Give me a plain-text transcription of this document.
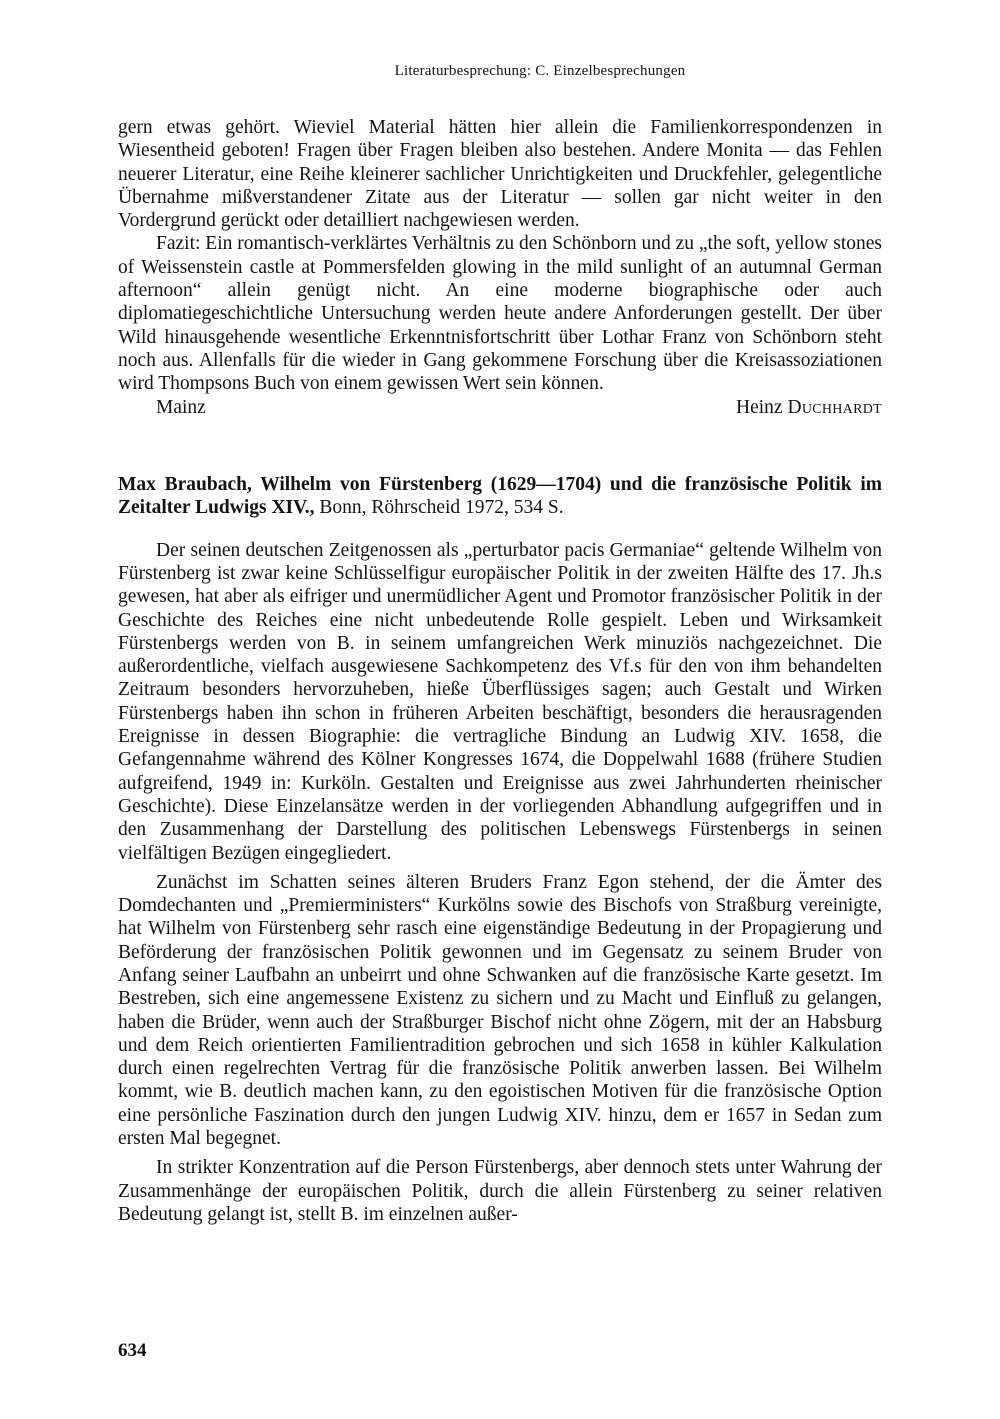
Literaturbesprechung: C. Einzelbesprechungen

gern etwas gehört. Wieviel Material hätten hier allein die Familienkorrespondenzen in Wiesentheid geboten! Fragen über Fragen bleiben also bestehen. Andere Monita — das Fehlen neuerer Literatur, eine Reihe kleinerer sachlicher Unrichtigkeiten und Druckfehler, gelegentliche Übernahme mißverstandener Zitate aus der Literatur — sollen gar nicht weiter in den Vordergrund gerückt oder detailliert nachgewiesen werden.

Fazit: Ein romantisch-verklärtes Verhältnis zu den Schönborn und zu „the soft, yellow stones of Weissenstein castle at Pommersfelden glowing in the mild sunlight of an autumnal German afternoon“ allein genügt nicht. An eine moderne biographische oder auch diplomatiegeschichtliche Untersuchung werden heute andere Anforderungen gestellt. Der über Wild hinausgehende wesentliche Erkenntnisfortschritt über Lothar Franz von Schönborn steht noch aus. Allenfalls für die wieder in Gang gekommene Forschung über die Kreisassoziationen wird Thompsons Buch von einem gewissen Wert sein können.

Mainz	Heinz Duchhardt

Max Braubach, Wilhelm von Fürstenberg (1629—1704) und die französische Politik im Zeitalter Ludwigs XIV., Bonn, Röhrscheid 1972, 534 S.

Der seinen deutschen Zeitgenossen als „perturbator pacis Germaniae“ geltende Wilhelm von Fürstenberg ist zwar keine Schlüsselfigur europäischer Politik in der zweiten Hälfte des 17. Jh.s gewesen, hat aber als eifriger und unermüdlicher Agent und Promotor französischer Politik in der Geschichte des Reiches eine nicht unbedeutende Rolle gespielt. Leben und Wirksamkeit Fürstenbergs werden von B. in seinem umfangreichen Werk minuziös nachgezeichnet. Die außerordentliche, vielfach ausgewiesene Sachkompetenz des Vf.s für den von ihm behandelten Zeitraum besonders hervorzuheben, hieße Überflüssiges sagen; auch Gestalt und Wirken Fürstenbergs haben ihn schon in früheren Arbeiten beschäftigt, besonders die herausragenden Ereignisse in dessen Biographie: die vertragliche Bindung an Ludwig XIV. 1658, die Gefangennahme während des Kölner Kongresses 1674, die Doppelwahl 1688 (frühere Studien aufgreifend, 1949 in: Kurköln. Gestalten und Ereignisse aus zwei Jahrhunderten rheinischer Geschichte). Diese Einzelansätze werden in der vorliegenden Abhandlung aufgegriffen und in den Zusammenhang der Darstellung des politischen Lebenswegs Fürstenbergs in seinen vielfältigen Bezügen eingegliedert.

Zunächst im Schatten seines älteren Bruders Franz Egon stehend, der die Ämter des Domdechanten und „Premierministers“ Kurkölns sowie des Bischofs von Straßburg vereinigte, hat Wilhelm von Fürstenberg sehr rasch eine eigenständige Bedeutung in der Propagierung und Beförderung der französischen Politik gewonnen und im Gegensatz zu seinem Bruder von Anfang seiner Laufbahn an unbeirrt und ohne Schwanken auf die französische Karte gesetzt. Im Bestreben, sich eine angemessene Existenz zu sichern und zu Macht und Einfluß zu gelangen, haben die Brüder, wenn auch der Straßburger Bischof nicht ohne Zögern, mit der an Habsburg und dem Reich orientierten Familientradition gebrochen und sich 1658 in kühler Kalkulation durch einen regelrechten Vertrag für die französische Politik anwerben lassen. Bei Wilhelm kommt, wie B. deutlich machen kann, zu den egoistischen Motiven für die französische Option eine persönliche Faszination durch den jungen Ludwig XIV. hinzu, dem er 1657 in Sedan zum ersten Mal begegnet.

In strikter Konzentration auf die Person Fürstenbergs, aber dennoch stets unter Wahrung der Zusammenhänge der europäischen Politik, durch die allein Fürstenberg zu seiner relativen Bedeutung gelangt ist, stellt B. im einzelnen außer-

634
